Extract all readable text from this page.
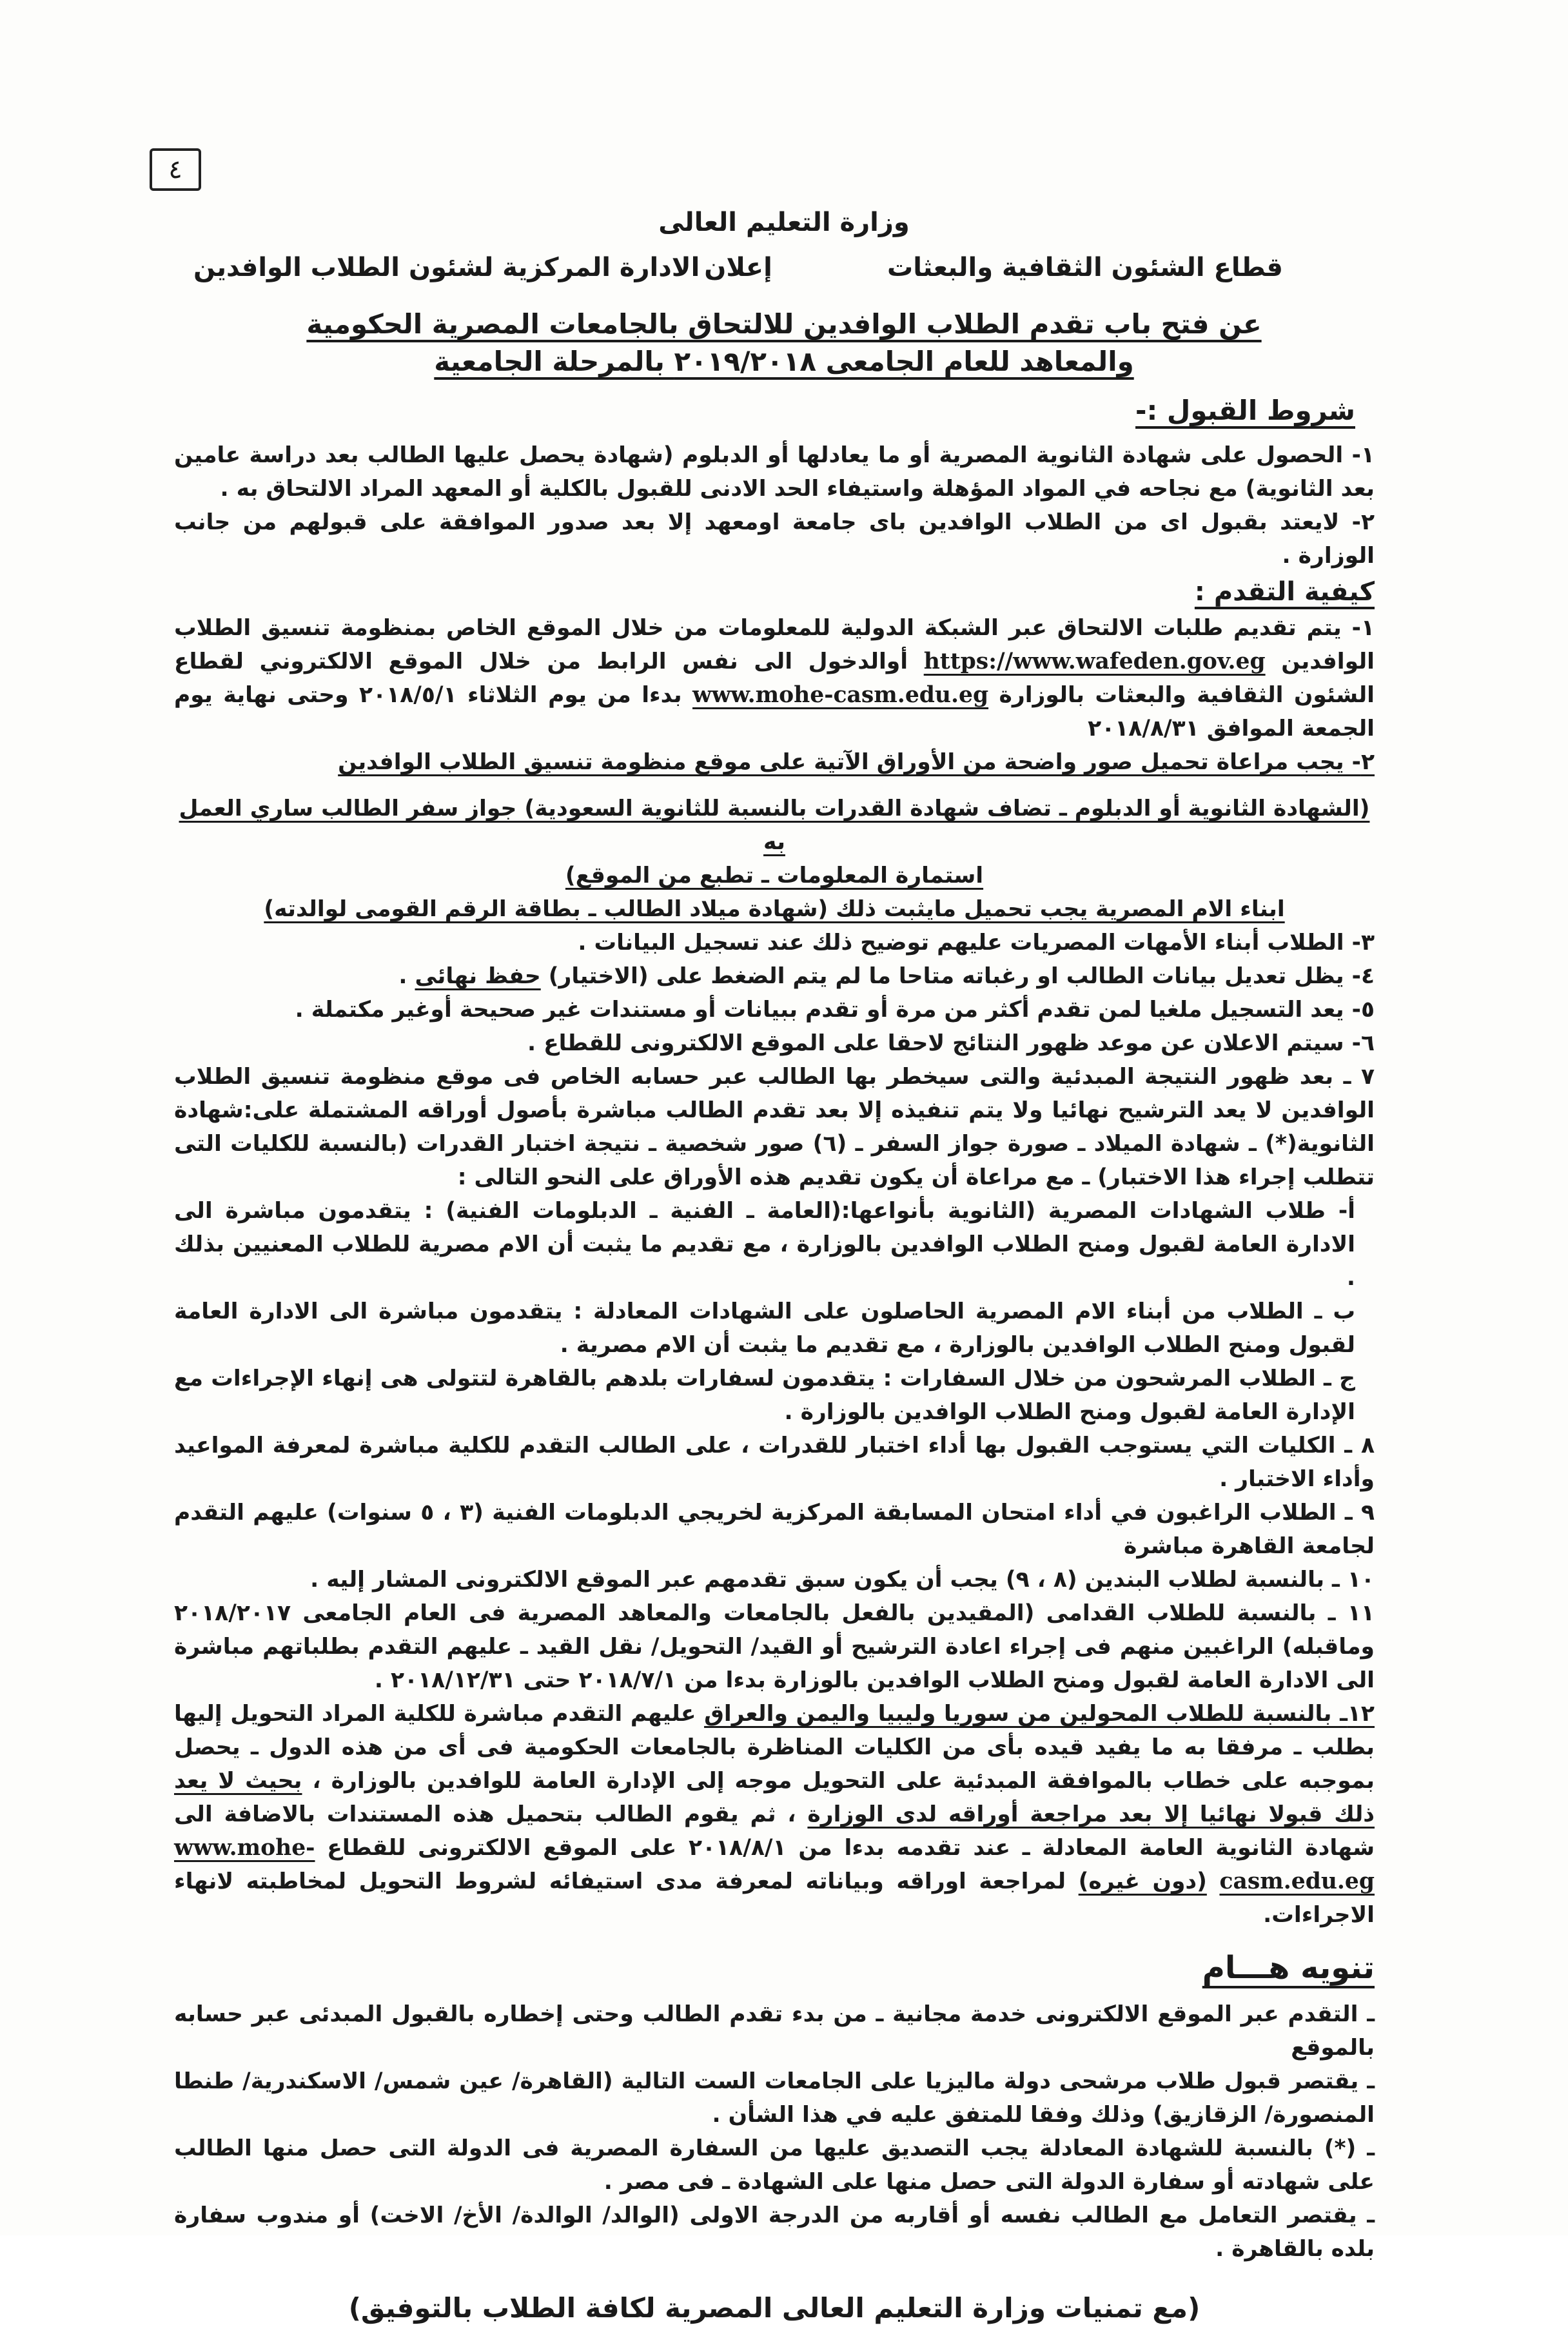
٤
وزارة التعليم العالى
قطاع الشئون الثقافية والبعثات
إعلان
الادارة المركزية لشئون الطلاب الوافدين
عن فتح باب تقدم الطلاب الوافدين للالتحاق بالجامعات المصرية الحكومية
والمعاهد للعام الجامعى ٢٠١٩/٢٠١٨ بالمرحلة الجامعية
شروط القبول :-

١- الحصول على شهادة الثانوية المصرية أو ما يعادلها أو الدبلوم (شهادة يحصل عليها الطالب بعد دراسة عامين بعد الثانوية) مع نجاحه في المواد المؤهلة واستيفاء الحد الادنى للقبول بالكلية أو المعهد المراد الالتحاق به .

٢- لايعتد بقبول اى من الطلاب الوافدين باى جامعة اومعهد إلا بعد صدور الموافقة على قبولهم من جانب الوزارة .

كيفية التقدم :

١- يتم تقديم طلبات الالتحاق عبر الشبكة الدولية للمعلومات من خلال الموقع الخاص بمنظومة تنسيق الطلاب الوافدين https://www.wafeden.gov.eg أوالدخول الى نفس الرابط من خلال الموقع الالكتروني لقطاع الشئون الثقافية والبعثات بالوزارة www.mohe-casm.edu.eg بدءا من يوم الثلاثاء ٢٠١٨/٥/١ وحتى نهاية يوم الجمعة الموافق ٢٠١٨/٨/٣١

٢- يجب مراعاة تحميل صور واضحة من الأوراق الآتية على موقع منظومة تنسيق الطلاب الوافدين

(الشهادة الثانوية أو الدبلوم ـ تضاف شهادة القدرات بالنسبة للثانوية السعودية) جواز سفر الطالب ساري العمل به

استمارة المعلومات ـ تطبع من الموقع)

ابناء الام المصرية يجب تحميل مايثبت ذلك (شهادة ميلاد الطالب ـ بطاقة الرقم القومى لوالدته)

٣- الطلاب أبناء الأمهات المصريات عليهم توضيح ذلك عند تسجيل البيانات .

٤- يظل تعديل بيانات الطالب او رغباته متاحا ما لم يتم الضغط على (الاختيار) حفظ نهائى .

٥- يعد التسجيل ملغيا لمن تقدم أكثر من مرة أو تقدم ببيانات أو مستندات غير صحيحة أوغير مكتملة .

٦- سيتم الاعلان عن موعد ظهور النتائج لاحقا على الموقع الالكترونى للقطاع .

٧ ـ بعد ظهور النتيجة المبدئية والتى سيخطر بها الطالب عبر حسابه الخاص فى موقع منظومة تنسيق الطلاب الوافدين لا يعد الترشيح نهائيا ولا يتم تنفيذه إلا بعد تقدم الطالب مباشرة بأصول أوراقه المشتملة على:شهادة الثانوية(*) ـ شهادة الميلاد ـ صورة جواز السفر ـ (٦) صور شخصية ـ نتيجة اختبار القدرات (بالنسبة للكليات التى تتطلب إجراء هذا الاختبار) ـ مع مراعاة أن يكون تقديم هذه الأوراق على النحو التالى :

أ- طلاب الشهادات المصرية (الثانوية بأنواعها:(العامة ـ الفنية ـ الدبلومات الفنية) : يتقدمون مباشرة الى الادارة العامة لقبول ومنح الطلاب الوافدين بالوزارة ، مع تقديم ما يثبت أن الام مصرية للطلاب المعنيين بذلك .

ب ـ الطلاب من أبناء الام المصرية الحاصلون على الشهادات المعادلة : يتقدمون مباشرة الى الادارة العامة لقبول ومنح الطلاب الوافدين بالوزارة ، مع تقديم ما يثبت أن الام مصرية .

ج ـ الطلاب المرشحون من خلال السفارات : يتقدمون لسفارات بلدهم بالقاهرة لتتولى هى إنهاء الإجراءات مع الإدارة العامة لقبول ومنح الطلاب الوافدين بالوزارة .

٨ ـ الكليات التي يستوجب القبول بها أداء اختبار للقدرات ، على الطالب التقدم للكلية مباشرة لمعرفة المواعيد وأداء الاختبار .

٩ ـ الطلاب الراغبون في أداء امتحان المسابقة المركزية لخريجي الدبلومات الفنية (٣ ، ٥ سنوات) عليهم التقدم لجامعة القاهرة مباشرة

١٠ ـ بالنسبة لطلاب البندين (٨ ، ٩) يجب أن يكون سبق تقدمهم عبر الموقع الالكترونى المشار إليه .

١١ ـ بالنسبة للطلاب القدامى (المقيدين بالفعل بالجامعات والمعاهد المصرية فى العام الجامعى ٢٠١٨/٢٠١٧ وماقبله) الراغبين منهم فى إجراء اعادة الترشيح أو القيد/ التحويل/ نقل القيد ـ عليهم التقدم بطلباتهم مباشرة الى الادارة العامة لقبول ومنح الطلاب الوافدين بالوزارة بدءا من ٢٠١٨/٧/١ حتى ٢٠١٨/١٢/٣١ .

١٢ـ بالنسبة للطلاب المحولين من سوريا وليبيا واليمن والعراق عليهم التقدم مباشرة للكلية المراد التحويل إليها بطلب ـ مرفقا به ما يفيد قيده بأى من الكليات المناظرة بالجامعات الحكومية فى أى من هذه الدول ـ يحصل بموجبه على خطاب بالموافقة المبدئية على التحويل موجه إلى الإدارة العامة للوافدين بالوزارة ، بحيث لا يعد ذلك قبولا نهائيا إلا بعد مراجعة أوراقه لدى الوزارة ، ثم يقوم الطالب بتحميل هذه المستندات بالاضافة الى شهادة الثانوية العامة المعادلة ـ عند تقدمه بدءا من ٢٠١٨/٨/١ على الموقع الالكترونى للقطاع www.mohe-casm.edu.eg (دون غيره) لمراجعة اوراقه وبياناته لمعرفة مدى استيفائه لشروط التحويل لمخاطبته لانهاء الاجراءات.

تنويه هـــام

ـ التقدم عبر الموقع الالكترونى خدمة مجانية ـ من بدء تقدم الطالب وحتى إخطاره بالقبول المبدئى عبر حسابه بالموقع

ـ يقتصر قبول طلاب مرشحى دولة ماليزيا على الجامعات الست التالية (القاهرة/ عين شمس/ الاسكندرية/ طنطا المنصورة/ الزقازيق) وذلك وفقا للمتفق عليه في هذا الشأن .

ـ (*) بالنسبة للشهادة المعادلة يجب التصديق عليها من السفارة المصرية فى الدولة التى حصل منها الطالب على شهادته أو سفارة الدولة التى حصل منها على الشهادة ـ فى مصر .

ـ يقتصر التعامل مع الطالب نفسه أو أقاربه من الدرجة الاولى (الوالد/ الوالدة/ الأخ/ الاخت) أو مندوب سفارة بلده بالقاهرة .

(مع تمنيات وزارة التعليم العالى المصرية لكافة الطلاب بالتوفيق)
